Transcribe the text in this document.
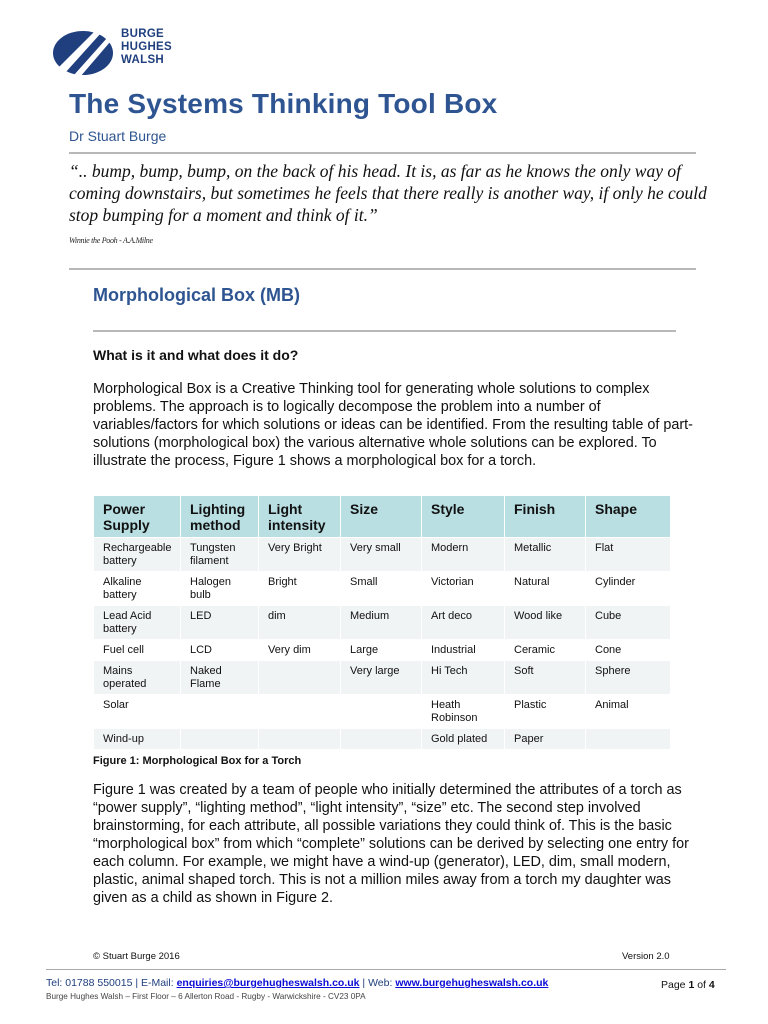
BURGE
HUGHES
WALSH
The Systems Thinking Tool Box
Dr Stuart Burge
“.. bump, bump, bump, on the back of his head. It is, as far as he knows the only way of coming downstairs, but sometimes he feels that there really is another way, if only he could stop bumping for a moment and think of it.”
Winnie the Pooh - A.A.Milne
Morphological Box (MB)
What is it and what does it do?

Morphological Box is a Creative Thinking tool for generating whole solutions to complex problems. The approach is to logically decompose the problem into a number of variables/factors for which solutions or ideas can be identified. From the resulting table of part-solutions (morphological box) the various alternative whole solutions can be explored. To illustrate the process, Figure 1 shows a morphological box for a torch.

Power Supply	Lighting method	Light intensity	Size	Style	Finish	Shape
Rechargeable battery	Tungsten filament	Very Bright	Very small	Modern	Metallic	Flat
Alkaline battery	Halogen bulb	Bright	Small	Victorian	Natural	Cylinder
Lead Acid battery	LED	dim	Medium	Art deco	Wood like	Cube
Fuel cell	LCD	Very dim	Large	Industrial	Ceramic	Cone
Mains operated	Naked Flame		Very large	Hi Tech	Soft	Sphere
Solar				Heath Robinson	Plastic	Animal
Wind-up				Gold plated	Paper	
Figure 1: Morphological Box for a Torch

Figure 1 was created by a team of people who initially determined the attributes of a torch as “power supply”, “lighting method”, “light intensity”, “size” etc. The second step involved brainstorming, for each attribute, all possible variations they could think of. This is the basic “morphological box” from which “complete” solutions can be derived by selecting one entry for each column. For example, we might have a wind-up (generator), LED, dim, small modern, plastic, animal shaped torch. This is not a million miles away from a torch my daughter was given as a child as shown in Figure 2.

© Stuart Burge 2016	Version 2.0
Tel: 01788 550015 | E-Mail: enquiries@burgehugheswalsh.co.uk | Web: www.burgehugheswalsh.co.uk
Burge Hughes Walsh – First Floor – 6 Allerton Road - Rugby - Warwickshire - CV23 0PA
Page 1 of 4
